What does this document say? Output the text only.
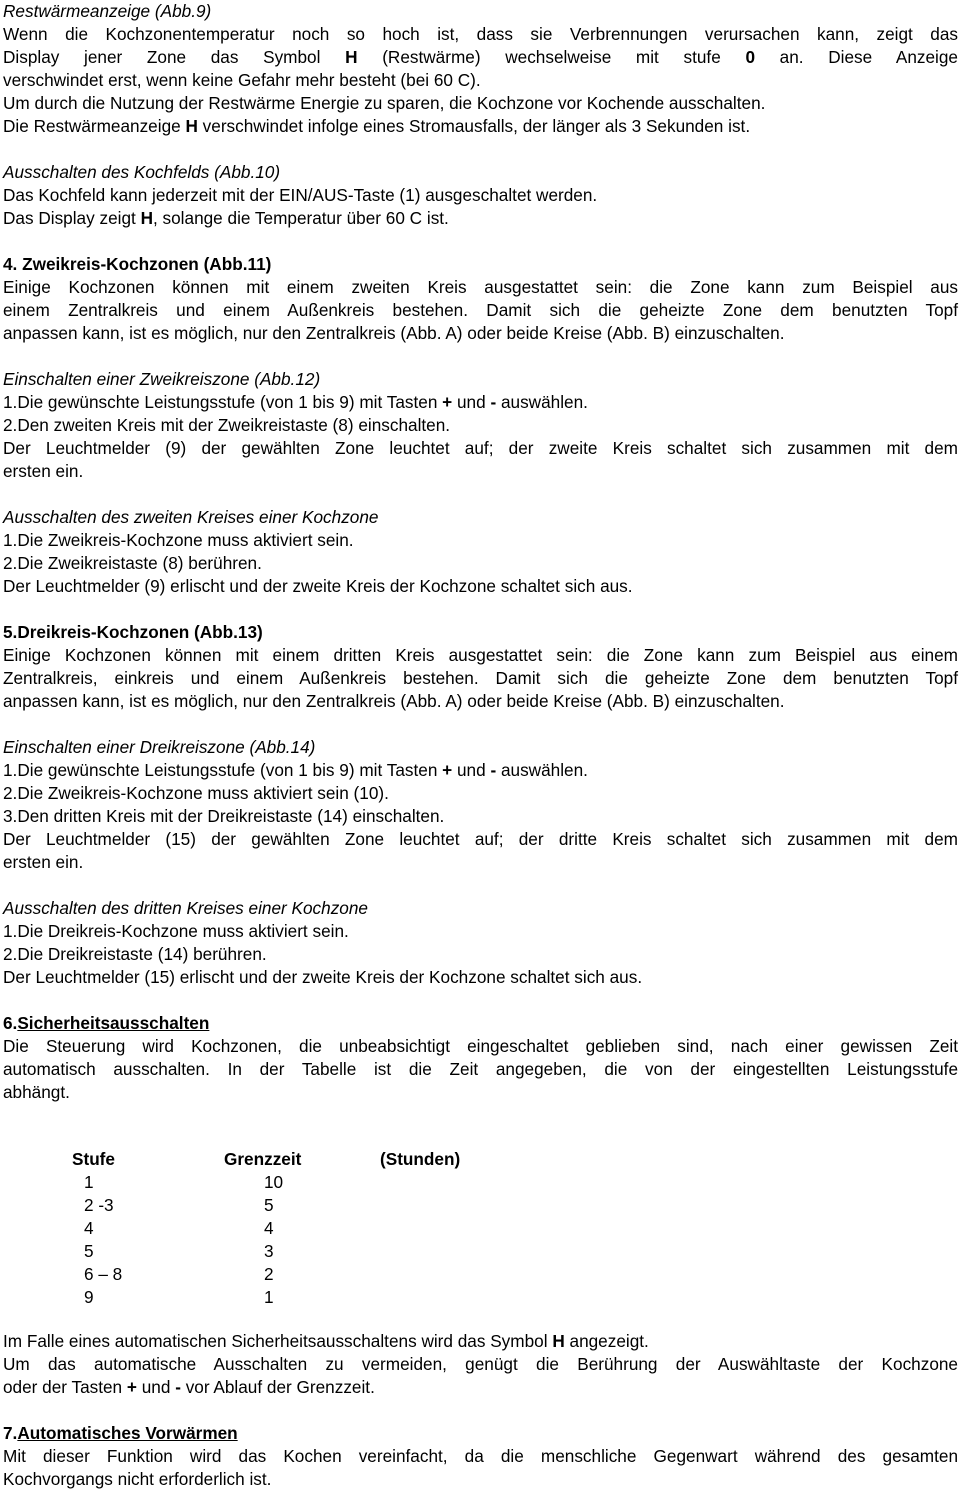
Restwärmeanzeige (Abb.9)

Wenn die Kochzonentemperatur noch so hoch ist, dass sie Verbrennungen verursachen kann, zeigt das

Display jener Zone das Symbol H (Restwärme) wechselweise mit stufe 0 an. Diese Anzeige

verschwindet erst, wenn keine Gefahr mehr besteht (bei 60 C).

Um durch die Nutzung der Restwärme Energie zu sparen, die Kochzone vor Kochende ausschalten.

Die Restwärmeanzeige H verschwindet infolge eines Stromausfalls, der länger als 3 Sekunden ist.

Ausschalten des Kochfelds (Abb.10)

Das Kochfeld kann jederzeit mit der EIN/AUS-Taste (1) ausgeschaltet werden.

Das Display zeigt H, solange die Temperatur über 60 C ist.

4. Zweikreis-Kochzonen (Abb.11)

Einige Kochzonen können mit einem zweiten Kreis ausgestattet sein: die Zone kann zum Beispiel aus

einem Zentralkreis und einem Außenkreis bestehen. Damit sich die geheizte Zone dem benutzten Topf

anpassen kann, ist es möglich, nur den Zentralkreis (Abb. A) oder beide Kreise (Abb. B) einzuschalten.

Einschalten einer Zweikreiszone (Abb.12)

1.Die gewünschte Leistungsstufe (von 1 bis 9) mit Tasten + und - auswählen.

2.Den zweiten Kreis mit der Zweikreistaste (8) einschalten.

Der Leuchtmelder (9) der gewählten Zone leuchtet auf; der zweite Kreis schaltet sich zusammen mit dem

ersten ein.

Ausschalten des zweiten Kreises einer Kochzone

1.Die Zweikreis-Kochzone muss aktiviert sein.

2.Die Zweikreistaste (8) berühren.

Der Leuchtmelder (9) erlischt und der zweite Kreis der Kochzone schaltet sich aus.

5.Dreikreis-Kochzonen (Abb.13)

Einige Kochzonen können mit einem dritten Kreis ausgestattet sein: die Zone kann zum Beispiel aus einem

Zentralkreis, einkreis und einem Außenkreis bestehen. Damit sich die geheizte Zone dem benutzten Topf

anpassen kann, ist es möglich, nur den Zentralkreis (Abb. A) oder beide Kreise (Abb. B) einzuschalten.

Einschalten einer Dreikreiszone (Abb.14)

1.Die gewünschte Leistungsstufe (von 1 bis 9) mit Tasten + und - auswählen.

2.Die Zweikreis-Kochzone muss aktiviert sein (10).

3.Den dritten Kreis mit der Dreikreistaste (14) einschalten.

Der Leuchtmelder (15) der gewählten Zone leuchtet auf; der dritte Kreis schaltet sich zusammen mit dem

ersten ein.

Ausschalten des dritten Kreises einer Kochzone

1.Die Dreikreis-Kochzone muss aktiviert sein.

2.Die Dreikreistaste (14) berühren.

Der Leuchtmelder (15) erlischt und der zweite Kreis der Kochzone schaltet sich aus.

6.Sicherheitsausschalten

Die Steuerung wird Kochzonen, die unbeabsichtigt eingeschaltet geblieben sind, nach einer gewissen Zeit

automatisch ausschalten. In der Tabelle ist die Zeit angegeben, die von der eingestellten Leistungsstufe

abhängt.

Stufe	Grenzzeit	(Stunden)
1	10	
2 -3	5	
4	4	
5	3	
6 – 8	2	
9	1	

Im Falle eines automatischen Sicherheitsausschaltens wird das Symbol H angezeigt.

Um das automatische Ausschalten zu vermeiden, genügt die Berührung der Auswähltaste der Kochzone

oder der Tasten + und - vor Ablauf der Grenzzeit.

7.Automatisches Vorwärmen

Mit dieser Funktion wird das Kochen vereinfacht, da die menschliche Gegenwart während des gesamten

Kochvorgangs nicht erforderlich ist.
